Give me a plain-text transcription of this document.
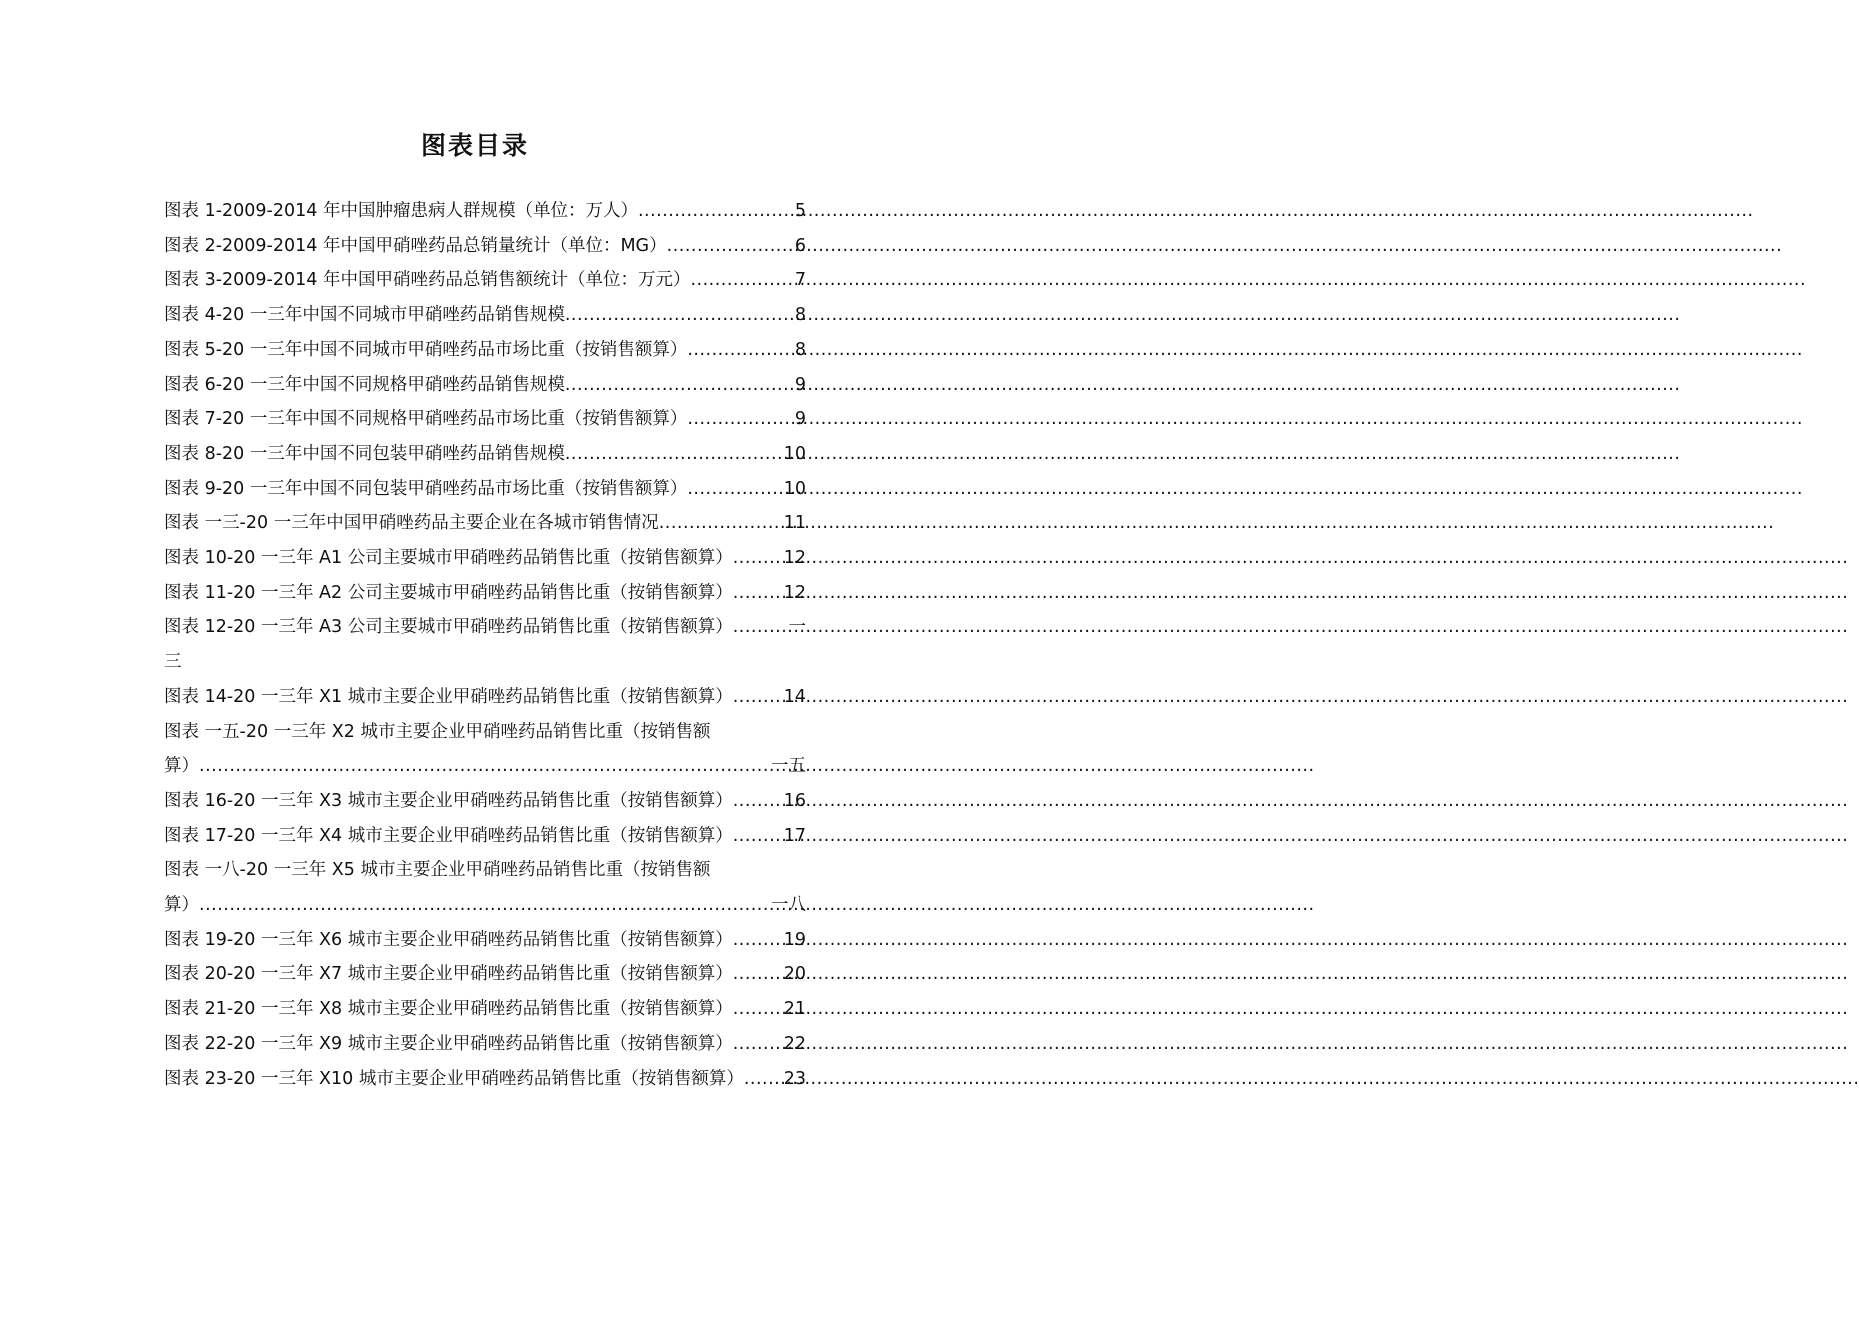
图表目录
图表 1-2009-2014 年中国肿瘤患病人群规模（单位：万人） .....	5
图表 2-2009-2014 年中国甲硝唑药品总销量统计（单位：MG） .....	6
图表 3-2009-2014 年中国甲硝唑药品总销售额统计（单位：万元） .....	7
图表 4-20 一三年中国不同城市甲硝唑药品销售规模 .....	8
图表 5-20 一三年中国不同城市甲硝唑药品市场比重（按销售额算） .....	8
图表 6-20 一三年中国不同规格甲硝唑药品销售规模 .....	9
图表 7-20 一三年中国不同规格甲硝唑药品市场比重（按销售额算） .....	9
图表 8-20 一三年中国不同包装甲硝唑药品销售规模 .....	10
图表 9-20 一三年中国不同包装甲硝唑药品市场比重（按销售额算） .....	10
图表 一三-20 一三年中国甲硝唑药品主要企业在各城市销售情况 .....	11
图表 10-20 一三年 A1 公司主要城市甲硝唑药品销售比重（按销售额算） .....	12
图表 11-20 一三年 A2 公司主要城市甲硝唑药品销售比重（按销售额算） .....	12
图表 12-20 一三年 A3 公司主要城市甲硝唑药品销售比重（按销售额算） .....	一
三
图表 14-20 一三年 X1 城市主要企业甲硝唑药品销售比重（按销售额算） .....	14
图表 一五-20 一三年 X2 城市主要企业甲硝唑药品销售比重（按销售额
算） .....	一五
图表 16-20 一三年 X3 城市主要企业甲硝唑药品销售比重（按销售额算） .....	16
图表 17-20 一三年 X4 城市主要企业甲硝唑药品销售比重（按销售额算） .....	17
图表 一八-20 一三年 X5 城市主要企业甲硝唑药品销售比重（按销售额
算） .....	一八
图表 19-20 一三年 X6 城市主要企业甲硝唑药品销售比重（按销售额算） .....	19
图表 20-20 一三年 X7 城市主要企业甲硝唑药品销售比重（按销售额算） .....	20
图表 21-20 一三年 X8 城市主要企业甲硝唑药品销售比重（按销售额算） .....	21
图表 22-20 一三年 X9 城市主要企业甲硝唑药品销售比重（按销售额算） .....	22
图表 23-20 一三年 X10 城市主要企业甲硝唑药品销售比重（按销售额算） ..... 23
